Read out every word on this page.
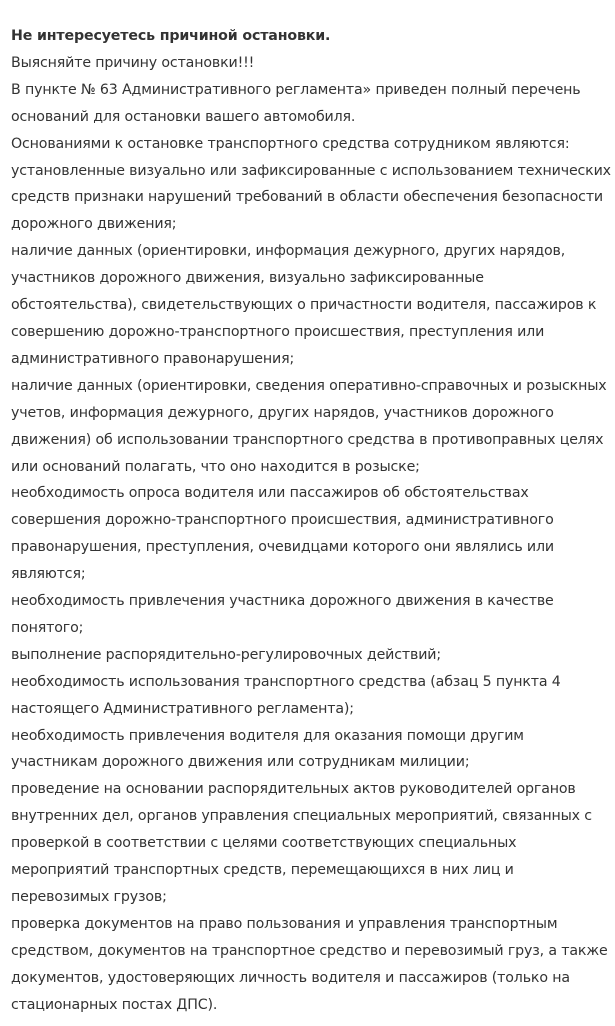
Не интересуетесь причиной остановки.

Выясняйте причину остановки!!!

В пункте № 63 Административного регламента» приведен полный перечень оснований для остановки вашего автомобиля.

Основаниями к остановке транспортного средства сотрудником являются:

установленные визуально или зафиксированные с использованием технических средств признаки нарушений требований в области обеспечения безопасности дорожного движения;

наличие данных (ориентировки, информация дежурного, других нарядов, участников дорожного движения, визуально зафиксированные обстоятельства), свидетельствующих о причастности водителя, пассажиров к совершению дорожно-транспортного происшествия, преступления или административного правонарушения;

наличие данных (ориентировки, сведения оперативно-справочных и розыскных учетов, информация дежурного, других нарядов, участников дорожного движения) об использовании транспортного средства в противоправных целях или оснований полагать, что оно находится в розыске;

необходимость опроса водителя или пассажиров об обстоятельствах совершения дорожно-транспортного происшествия, административного правонарушения, преступления, очевидцами которого они являлись или являются;

необходимость привлечения участника дорожного движения в качестве понятого;

выполнение распорядительно-регулировочных действий;

необходимость использования транспортного средства (абзац 5 пункта 4 настоящего Административного регламента);

необходимость привлечения водителя для оказания помощи другим участникам дорожного движения или сотрудникам милиции;

проведение на основании распорядительных актов руководителей органов внутренних дел, органов управления специальных мероприятий, связанных с проверкой в соответствии с целями соответствующих специальных мероприятий транспортных средств, перемещающихся в них лиц и перевозимых грузов;

проверка документов на право пользования и управления транспортным средством, документов на транспортное средство и перевозимый груз, а также документов, удостоверяющих личность водителя и пассажиров (только на стационарных постах ДПС).
